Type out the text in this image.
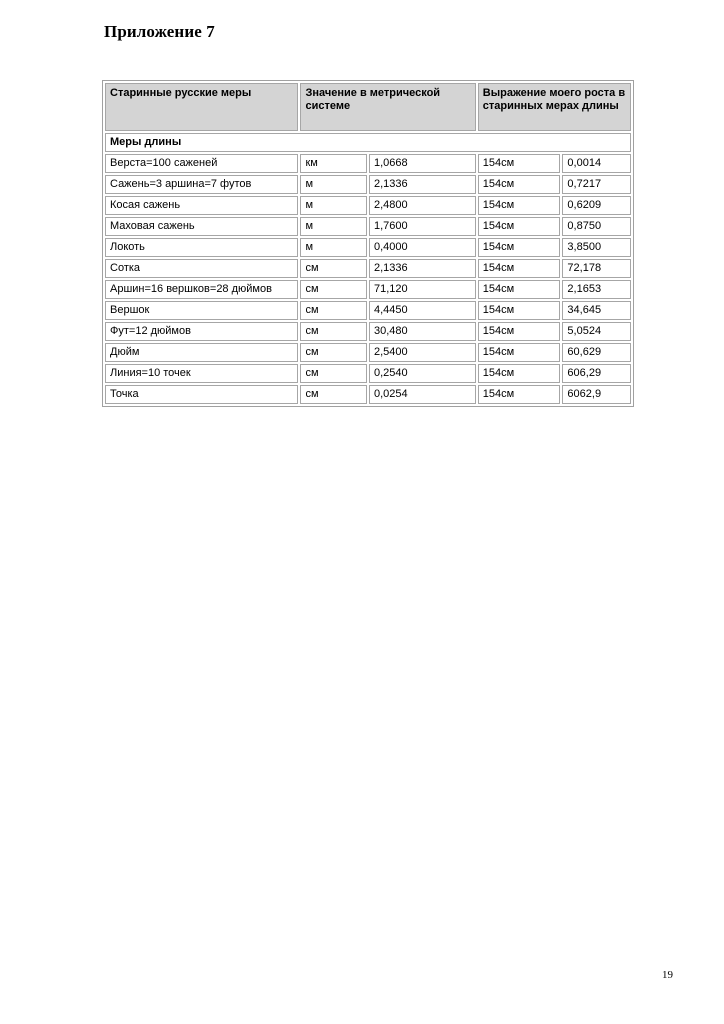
Приложение 7
Старинные русские меры	Значение в метрической системе		Выражение моего роста в старинных мерах длины	
Меры длины				
Верста=100 саженей	км	1,0668	154см	0,0014
Сажень=3 аршина=7 футов	м	2,1336	154см	0,7217
Косая сажень	м	2,4800	154см	0,6209
Маховая сажень	м	1,7600	154см	0,8750
Локоть	м	0,4000	154см	3,8500
Сотка	см	2,1336	154см	72,178
Аршин=16 вершков=28 дюймов	см	71,120	154см	2,1653
Вершок	см	4,4450	154см	34,645
Фут=12 дюймов	см	30,480	154см	5,0524
Дюйм	см	2,5400	154см	60,629
Линия=10 точек	см	0,2540	154см	606,29
Точка	см	0,0254	154см	6062,9
19
